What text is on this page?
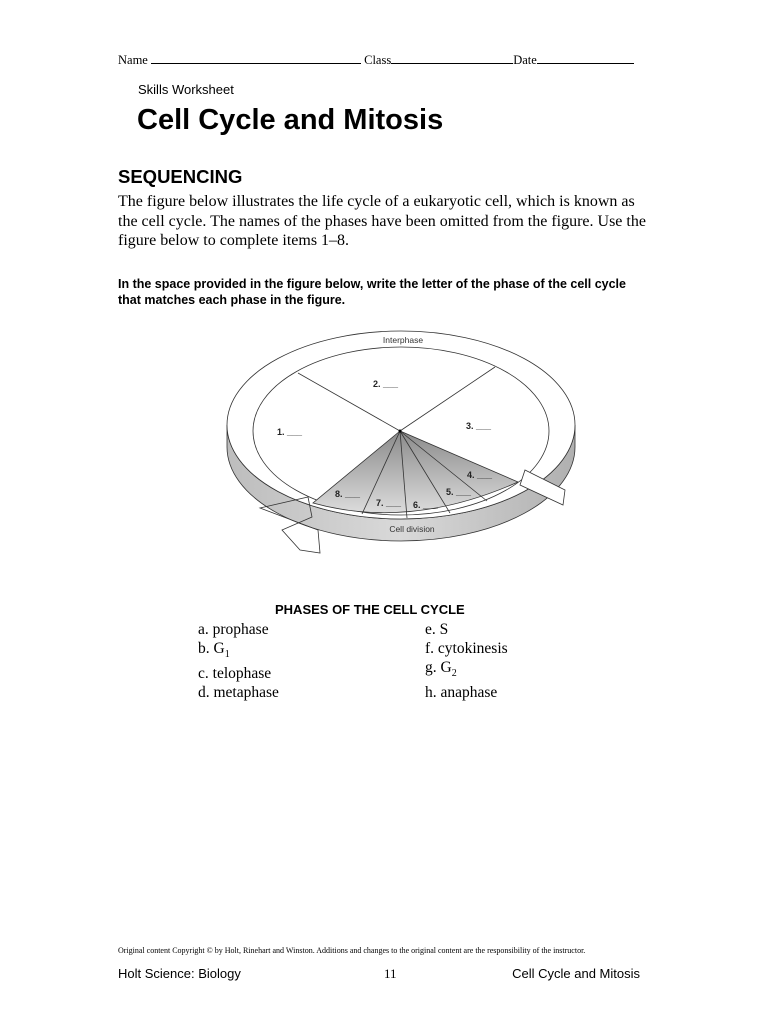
Name	Class	Date
Skills Worksheet
Cell Cycle and Mitosis
SEQUENCING
The figure below illustrates the life cycle of a eukaryotic cell, which is known as the cell cycle. The names of the phases have been omitted from the figure. Use the figure below to complete items 1–8.
In the space provided in the figure below, write the letter of the phase of the cell cycle that matches each phase in the figure.
1. ___
2. ___
3. ___
4. ___
5. ___
6. ___
7. ___
8. ___
Interphase
Cell division
PHASES OF THE CELL CYCLE
a. prophase
b. $G_1$
c. telophase
d. metaphase
e. S
f. cytokinesis
g. $G_2$
h. anaphase
Original content Copyright © by Holt, Rinehart and Winston. Additions and changes to the original content are the responsibility of the instructor.
Holt Science: Biology	11	Cell Cycle and Mitosis
